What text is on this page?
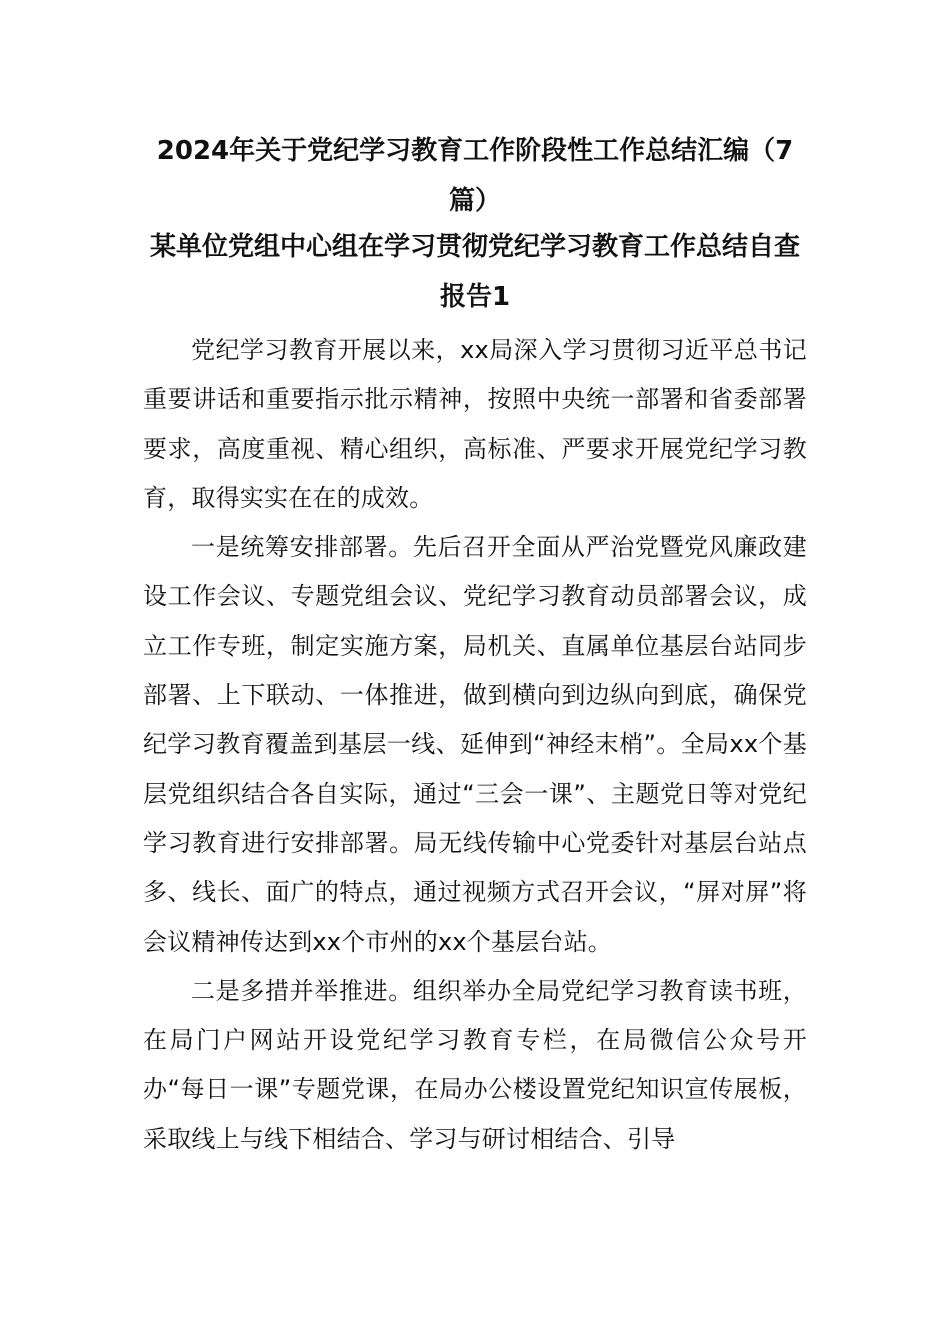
2024年关于党纪学习教育工作阶段性工作总结汇编（7篇）
某单位党组中心组在学习贯彻党纪学习教育工作总结自查报告1

党纪学习教育开展以来，xx局深入学习贯彻习近平总书记重要讲话和重要指示批示精神，按照中央统一部署和省委部署要求，高度重视、精心组织，高标准、严要求开展党纪学习教育，取得实实在在的成效。

一是统筹安排部署。先后召开全面从严治党暨党风廉政建设工作会议、专题党组会议、党纪学习教育动员部署会议，成立工作专班，制定实施方案，局机关、直属单位基层台站同步部署、上下联动、一体推进，做到横向到边纵向到底，确保党纪学习教育覆盖到基层一线、延伸到“神经末梢”。全局xx个基层党组织结合各自实际，通过“三会一课”、主题党日等对党纪学习教育进行安排部署。局无线传输中心党委针对基层台站点多、线长、面广的特点，通过视频方式召开会议，“屏对屏”将会议精神传达到xx个市州的xx个基层台站。

二是多措并举推进。组织举办全局党纪学习教育读书班，在局门户网站开设党纪学习教育专栏，在局微信公众号开办“每日一课”专题党课，在局办公楼设置党纪知识宣传展板，采取线上与线下相结合、学习与研讨相结合、引导
